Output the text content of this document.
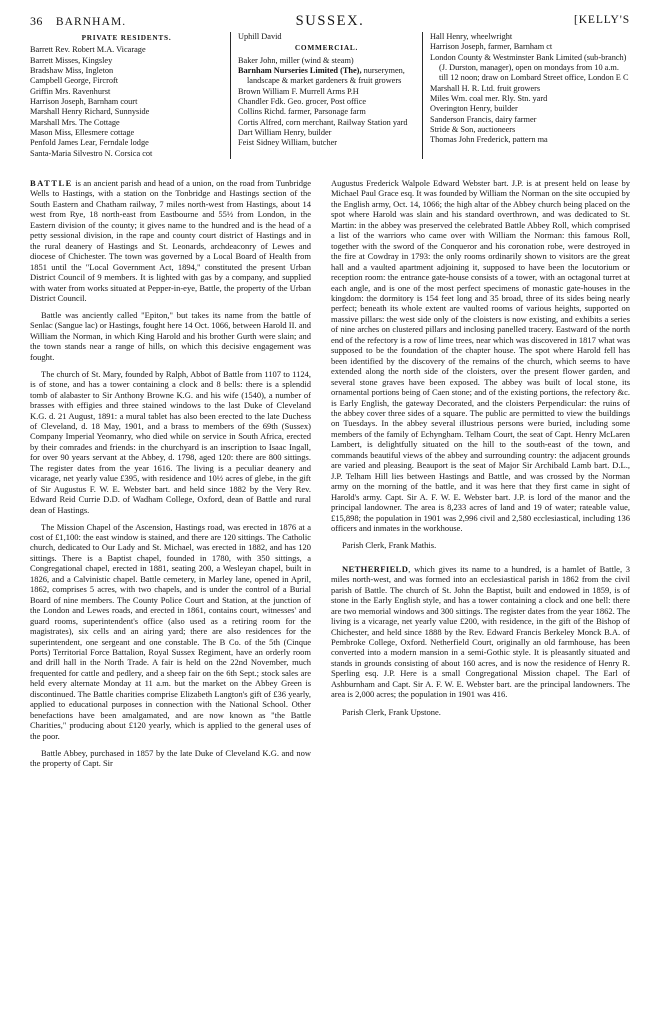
36 BARNHAM.	SUSSEX.	[KELLY'S
PRIVATE RESIDENTS.
Barrett Rev. Robert M.A. Vicarage
Barrett Misses, Kingsley
Bradshaw Miss, Ingleton
Campbell George, Fircroft
Griffin Mrs. Ravenhurst
Harrison Joseph, Barnham court
Marshall Henry Richard, Sunnyside
Marshall Mrs. The Cottage
Mason Miss, Ellesmere cottage
Penfold James Lear, Ferndale lodge
Santa-Maria Silvestro N. Corsica cot
Uphill David
COMMERCIAL.
Baker John, miller (wind & steam)
Barnham Nurseries Limited (The), nurserymen, landscape & market gardeners & fruit growers
Brown William F. Murrell Arms P.H
Chandler Fdk. Geo. grocer, Post office
Collins Richd. farmer, Parsonage farm
Cortis Alfred, corn merchant, Railway Station yard
Dart William Henry, builder
Feist Sidney William, butcher
Hall Henry, wheelwright
Harrison Joseph, farmer, Barnham ct
London County & Westminster Bank Limited (sub-branch) (J. Durston, manager), open on mondays from 10 a.m. till 12 noon; draw on Lombard Street office, London E C
Marshall H. R. Ltd. fruit growers
Miles Wm. coal mer. Rly. Stn. yard
Overington Henry, builder
Sanderson Francis, dairy farmer
Stride & Son, auctioneers
Thomas John Frederick, pattern ma

BATTLE is an ancient parish and head of a union, on the road from Tunbridge Wells to Hastings, with a station on the Tonbridge and Hastings section of the South Eastern and Chatham railway, 7 miles north-west from Hastings, about 14 west from Rye, 18 north-east from Eastbourne and 55½ from London, in the Eastern division of the county; it gives name to the hundred and is the head of a petty sessional division, in the rape and county court district of Hastings and in the rural deanery of Hastings and St. Leonards, archdeaconry of Lewes and diocese of Chichester. The town was governed by a Local Board of Health from 1851 until the "Local Government Act, 1894," constituted the present Urban District Council of 9 members. It is lighted with gas by a company, and supplied with water from works situated at Pepper-in-eye, Battle, the property of the Urban District Council.

Battle was anciently called "Epiton," but takes its name from the battle of Senlac (Sangue lac) or Hastings, fought here 14 Oct. 1066, between Harold II. and William the Norman, in which King Harold and his brother Gurth were slain; and the town stands near a range of hills, on which this decisive engagement was fought.

The church of St. Mary, founded by Ralph, Abbot of Battle from 1107 to 1124, is of stone, and has a tower containing a clock and 8 bells: there is a splendid tomb of alabaster to Sir Anthony Browne K.G. and his wife (1540), a number of brasses with effigies and three stained windows to the last Duke of Cleveland K.G. d. 21 August, 1891: a mural tablet has also been erected to the late Duchess of Cleveland, d. 18 May, 1901, and a brass to members of the 69th (Sussex) Company Imperial Yeomanry, who died while on service in South Africa, erected by their comrades and friends: in the churchyard is an inscription to Isaac Ingall, for over 90 years servant at the Abbey, d. 1798, aged 120: there are 800 sittings. The register dates from the year 1616. The living is a peculiar deanery and vicarage, net yearly value £395, with residence and 10½ acres of glebe, in the gift of Sir Augustus F. W. E. Webster bart. and held since 1882 by the Very Rev. Edward Reid Currie D.D. of Wadham College, Oxford, dean of Battle and rural dean of Hastings.

The Mission Chapel of the Ascension, Hastings road, was erected in 1876 at a cost of £1,100: the east window is stained, and there are 120 sittings. The Catholic church, dedicated to Our Lady and St. Michael, was erected in 1882, and has 120 sittings. There is a Baptist chapel, founded in 1780, with 350 sittings, a Congregational chapel, erected in 1881, seating 200, a Wesleyan chapel, built in 1826, and a Calvinistic chapel. Battle cemetery, in Marley lane, opened in April, 1862, comprises 5 acres, with two chapels, and is under the control of a Burial Board of nine members. The County Police Court and Station, at the junction of the London and Lewes roads, and erected in 1861, contains court, witnesses' and guard rooms, superintendent's office (also used as a retiring room for the magistrates), six cells and an airing yard; there are also residences for the superintendent, one sergeant and one constable. The B Co. of the 5th (Cinque Ports) Territorial Force Battalion, Royal Sussex Regiment, have an orderly room and drill hall in the North Trade. A fair is held on the 22nd November, much frequented for cattle and pedlery, and a sheep fair on the 6th Sept.; stock sales are held every alternate Monday at 11 a.m. but the market on the Abbey Green is discontinued. The Battle charities comprise Elizabeth Langton's gift of £36 yearly, applied to educational purposes in connection with the National School. Other benefactions have been amalgamated, and are now known as "the Battle Charities," producing about £120 yearly, which is applied to the general uses of the poor.

Battle Abbey, purchased in 1857 by the late Duke of Cleveland K.G. and now the property of Capt. Sir

Augustus Frederick Walpole Edward Webster bart. J.P. is at present held on lease by Michael Paul Grace esq. It was founded by William the Norman on the site occupied by the English army, Oct. 14, 1066; the high altar of the Abbey church being placed on the spot where Harold was slain and his standard overthrown, and was dedicated to St. Martin: in the abbey was preserved the celebrated Battle Abbey Roll, which comprised a list of the warriors who came over with William the Norman: this famous Roll, together with the sword of the Conqueror and his coronation robe, were destroyed in the fire at Cowdray in 1793: the only rooms ordinarily shown to visitors are the great hall and a vaulted apartment adjoining it, supposed to have been the locutorium or reception room: the entrance gate-house consists of a tower, with an octagonal turret at each angle, and is one of the most perfect specimens of monastic gate-houses in the kingdom: the dormitory is 154 feet long and 35 broad, three of its sides being nearly perfect; beneath its whole extent are vaulted rooms of various heights, supported on massive pillars: the west side only of the cloisters is now existing, and exhibits a series of nine arches on clustered pillars and inclosing panelled tracery. Eastward of the north end of the refectory is a row of lime trees, near which was discovered in 1817 what was supposed to be the foundation of the chapter house. The spot where Harold fell has been identified by the discovery of the remains of the church, which seems to have extended along the north side of the cloisters, over the present flower garden, and several stone graves have been exposed. The abbey was built of local stone, its ornamental portions being of Caen stone; and of the existing portions, the refectory &c. is Early English, the gateway Decorated, and the cloisters Perpendicular: the ruins of the abbey cover three sides of a square. The public are permitted to view the buildings on Tuesdays. In the abbey several illustrious persons were buried, including some members of the family of Echyngham. Telham Court, the seat of Capt. Henry McLaren Lambert, is delightfully situated on the hill to the south-east of the town, and commands beautiful views of the abbey and surrounding country: the adjacent grounds are varied and pleasing. Beauport is the seat of Major Sir Archibald Lamb bart. D.L., J.P. Telham Hill lies between Hastings and Battle, and was crossed by the Norman army on the morning of the battle, and it was here that they first came in sight of Harold's army. Capt. Sir A. F. W. E. Webster bart. J.P. is lord of the manor and the principal landowner. The area is 8,233 acres of land and 19 of water; rateable value, £15,898; the population in 1901 was 2,996 civil and 2,580 ecclesiastical, including 136 officers and inmates in the workhouse.

Parish Clerk, Frank Mathis.

NETHERFIELD, which gives its name to a hundred, is a hamlet of Battle, 3 miles north-west, and was formed into an ecclesiastical parish in 1862 from the civil parish of Battle. The church of St. John the Baptist, built and endowed in 1859, is of stone in the Early English style, and has a tower containing a clock and one bell: there are two memorial windows and 300 sittings. The register dates from the year 1862. The living is a vicarage, net yearly value £200, with residence, in the gift of the Bishop of Chichester, and held since 1888 by the Rev. Edward Francis Berkeley Monck B.A. of Pembroke College, Oxford. Netherfield Court, originally an old farmhouse, has been converted into a modern mansion in a semi-Gothic style. It is pleasantly situated and stands in grounds consisting of about 160 acres, and is now the residence of Henry R. Sperling esq. J.P. Here is a small Congregational Mission chapel. The Earl of Ashburnham and Capt. Sir A. F. W. E. Webster bart. are the principal landowners. The area is 2,000 acres; the population in 1901 was 416.

Parish Clerk, Frank Upstone.
